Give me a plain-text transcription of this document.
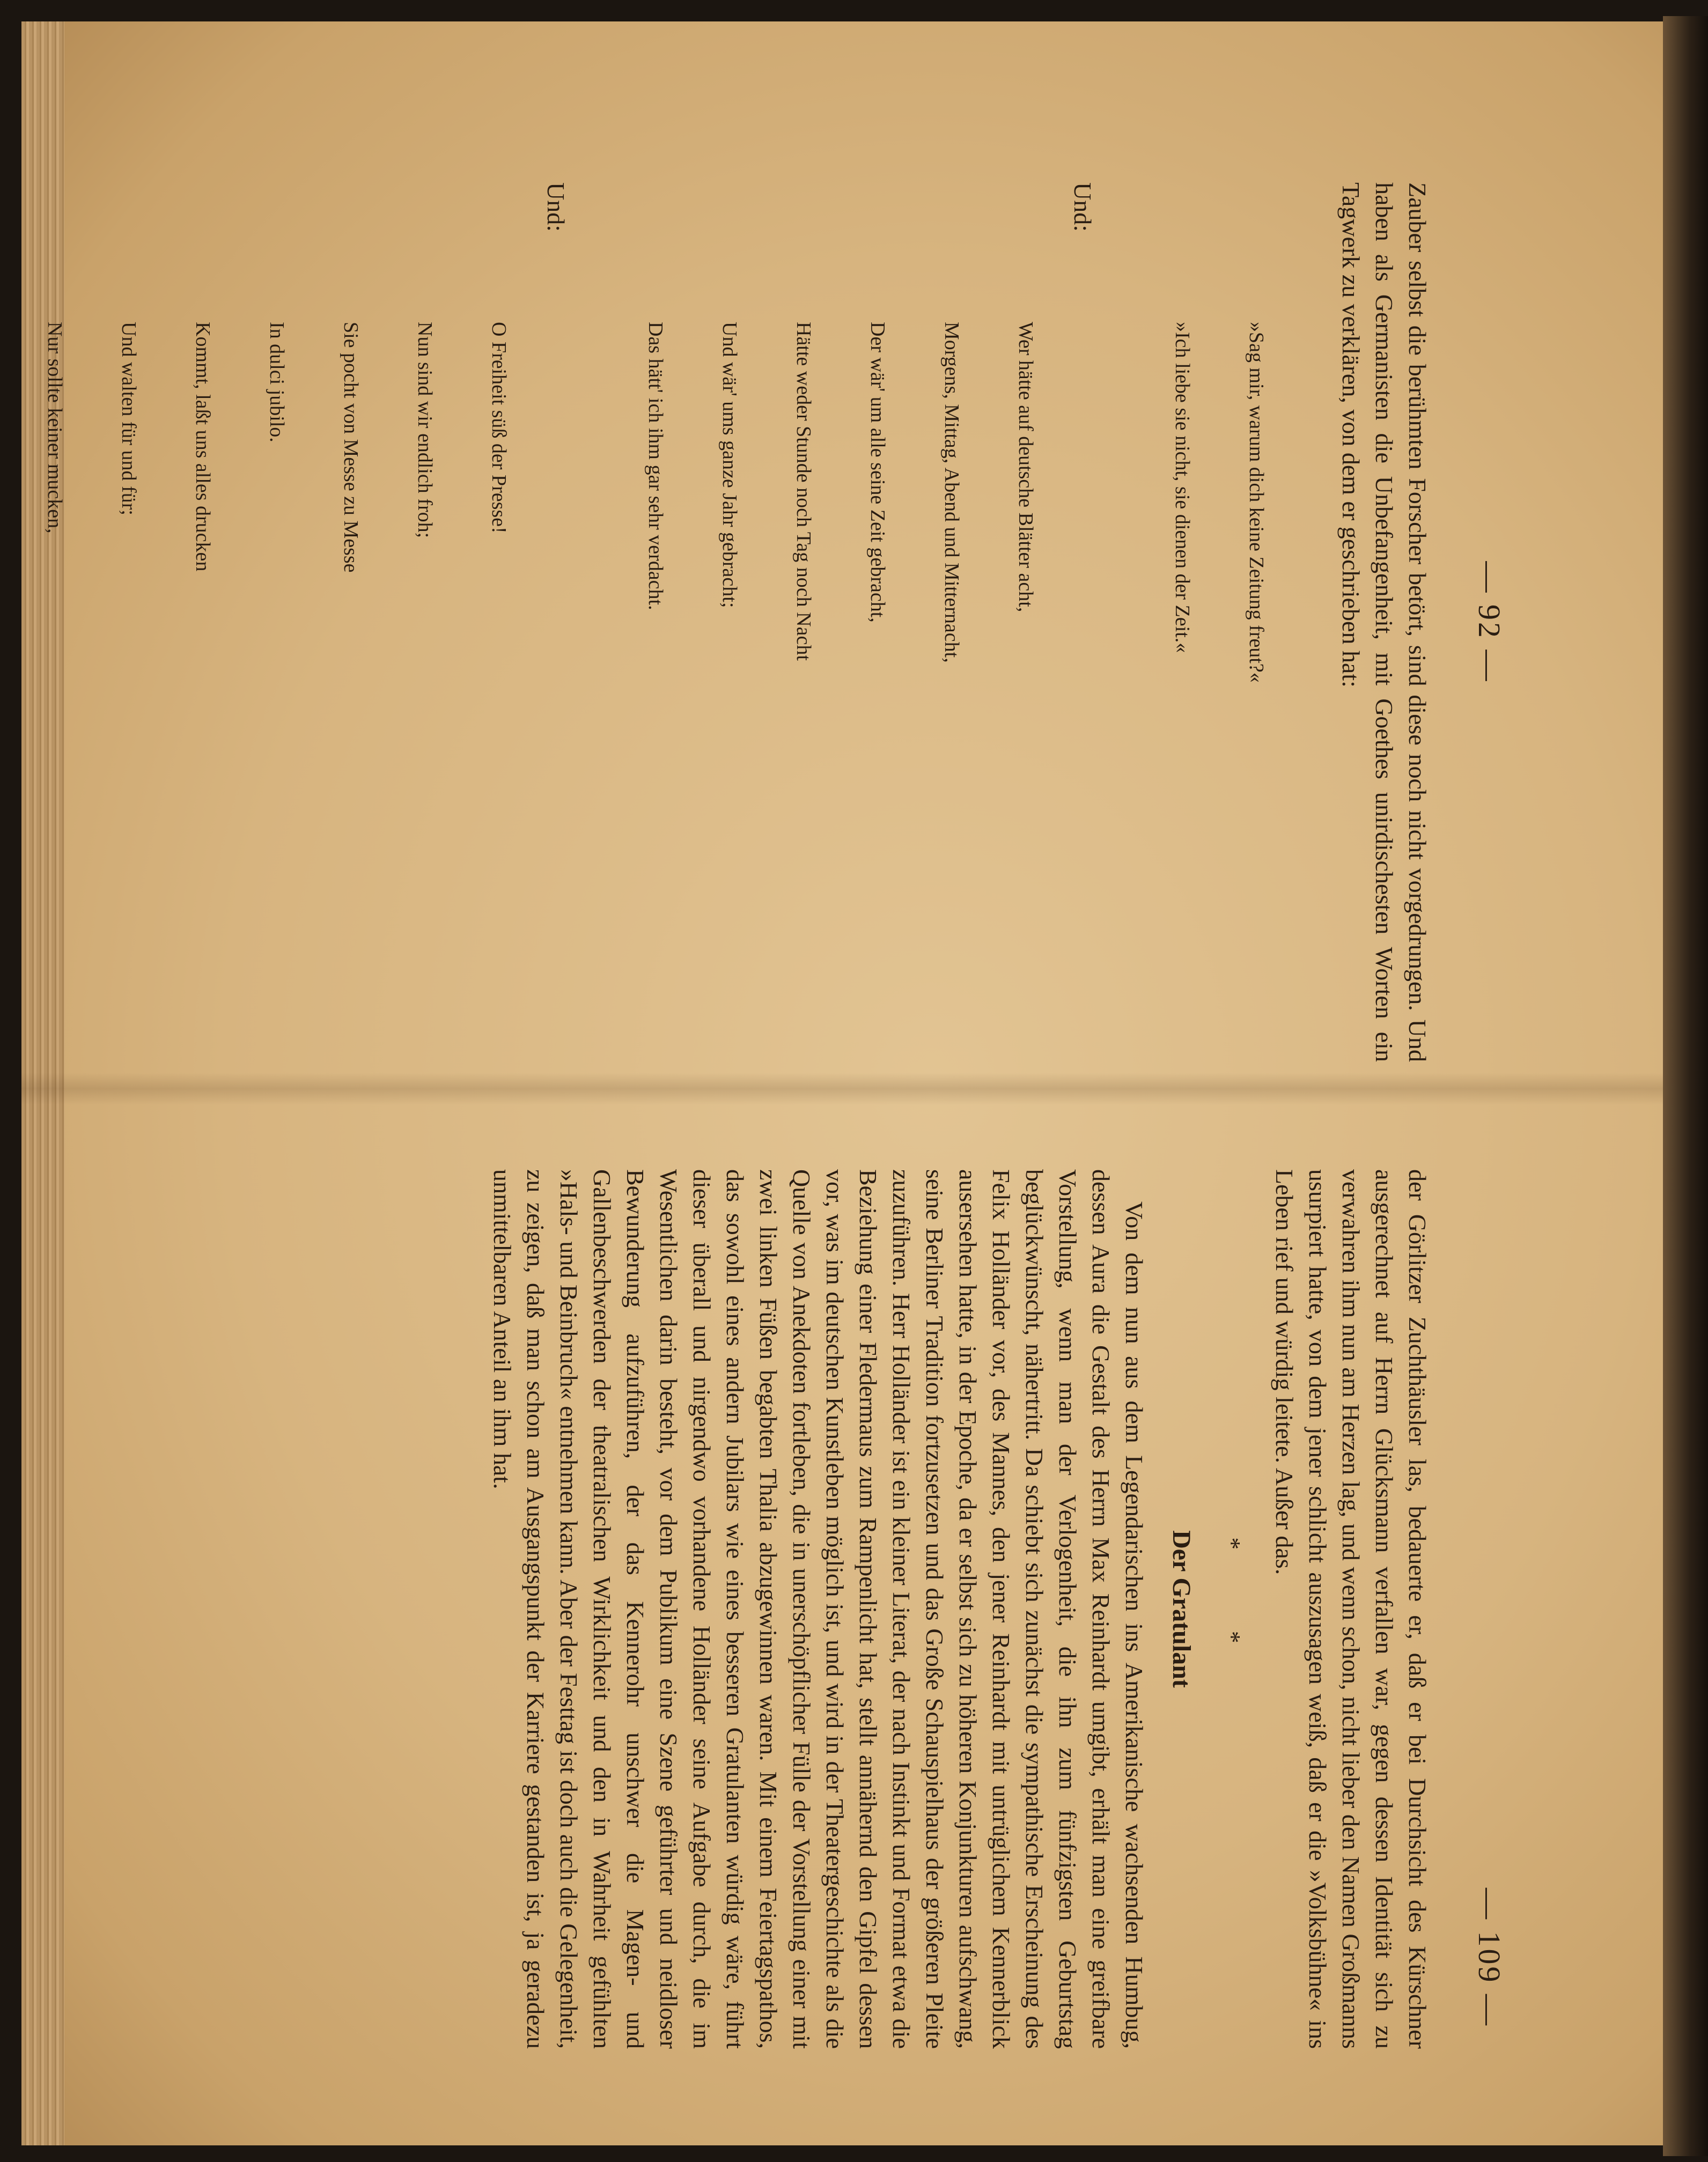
— 92 —

Zauber selbst die berühmten Forscher betört, sind diese noch nicht vorgedrungen. Und haben als Germanisten die Unbefangenheit, mit Goethes unirdischesten Worten ein Tagwerk zu verklären, von dem er geschrieben hat:

»Sag mir, warum dich keine Zeitung freut?«

»Ich liebe sie nicht, sie dienen der Zeit.«

Und:

Wer hätte auf deutsche Blätter acht,

Morgens, Mittag, Abend und Mitternacht,

Der wär' um alle seine Zeit gebracht,

Hätte weder Stunde noch Tag noch Nacht

Und wär' ums ganze Jahr gebracht;

Das hätt' ich ihm gar sehr verdacht.

Und:

O Freiheit süß der Presse!

Nun sind wir endlich froh;

Sie pocht von Messe zu Messe

In dulci jubilo.

Kommt, laßt uns alles drucken

Und walten für und für;

Nur sollte keiner mucken,

— 109 —

der Görlitzer Zuchthäusler las, bedauerte er, daß er bei Durchsicht des Kürschner ausgerechnet auf Herrn Glücksmann verfallen war, gegen dessen Identität sich zu verwahren ihm nun am Herzen lag, und wenn schon, nicht lieber den Namen Großmanns usurpiert hatte, von dem jener schlicht auszusagen weiß, daß er die »Volksbühne« ins Leben rief und würdig leitete. Außer das.

* *
Der Gratulant

Von dem nun aus dem Legendarischen ins Amerikanische wachsenden Humbug, dessen Aura die Gestalt des Herrn Max Reinhardt umgibt, erhält man eine greifbare Vorstellung, wenn man der Verlogenheit, die ihn zum fünfzigsten Geburtstag beglückwünscht, nähertritt. Da schiebt sich zunächst die sympathische Erscheinung des Felix Holländer vor, des Mannes, den jener Reinhardt mit untrüglichem Kennerblick ausersehen hatte, in der Epoche, da er selbst sich zu höheren Konjunkturen aufschwang, seine Berliner Tradition fortzusetzen und das Große Schauspielhaus der größeren Pleite zuzuführen. Herr Holländer ist ein kleiner Literat, der nach Instinkt und Format etwa die Beziehung einer Fledermaus zum Rampenlicht hat, stellt annähernd den Gipfel dessen vor, was im deutschen Kunstleben möglich ist, und wird in der Theatergeschichte als die Quelle von Anekdoten fortleben, die in unerschöpflicher Fülle der Vorstellung einer mit zwei linken Füßen begabten Thalia abzugewinnen waren. Mit einem Feiertagspathos, das sowohl eines andern Jubilars wie eines besseren Gratulanten würdig wäre, führt dieser überall und nirgendwo vorhandene Holländer seine Aufgabe durch, die im Wesentlichen darin besteht, vor dem Publikum eine Szene geführter und neidloser Bewunderung aufzuführen, der das Kennerohr unschwer die Magen- und Gallenbeschwerden der theatralischen Wirklichkeit und den in Wahrheit gefühlten »Hals- und Beinbruch« entnehmen kann. Aber der Festtag ist doch auch die Gelegenheit, zu zeigen, daß man schon am Ausgangspunkt der Karriere gestanden ist, ja geradezu unmittelbaren Anteil an ihm hat.
